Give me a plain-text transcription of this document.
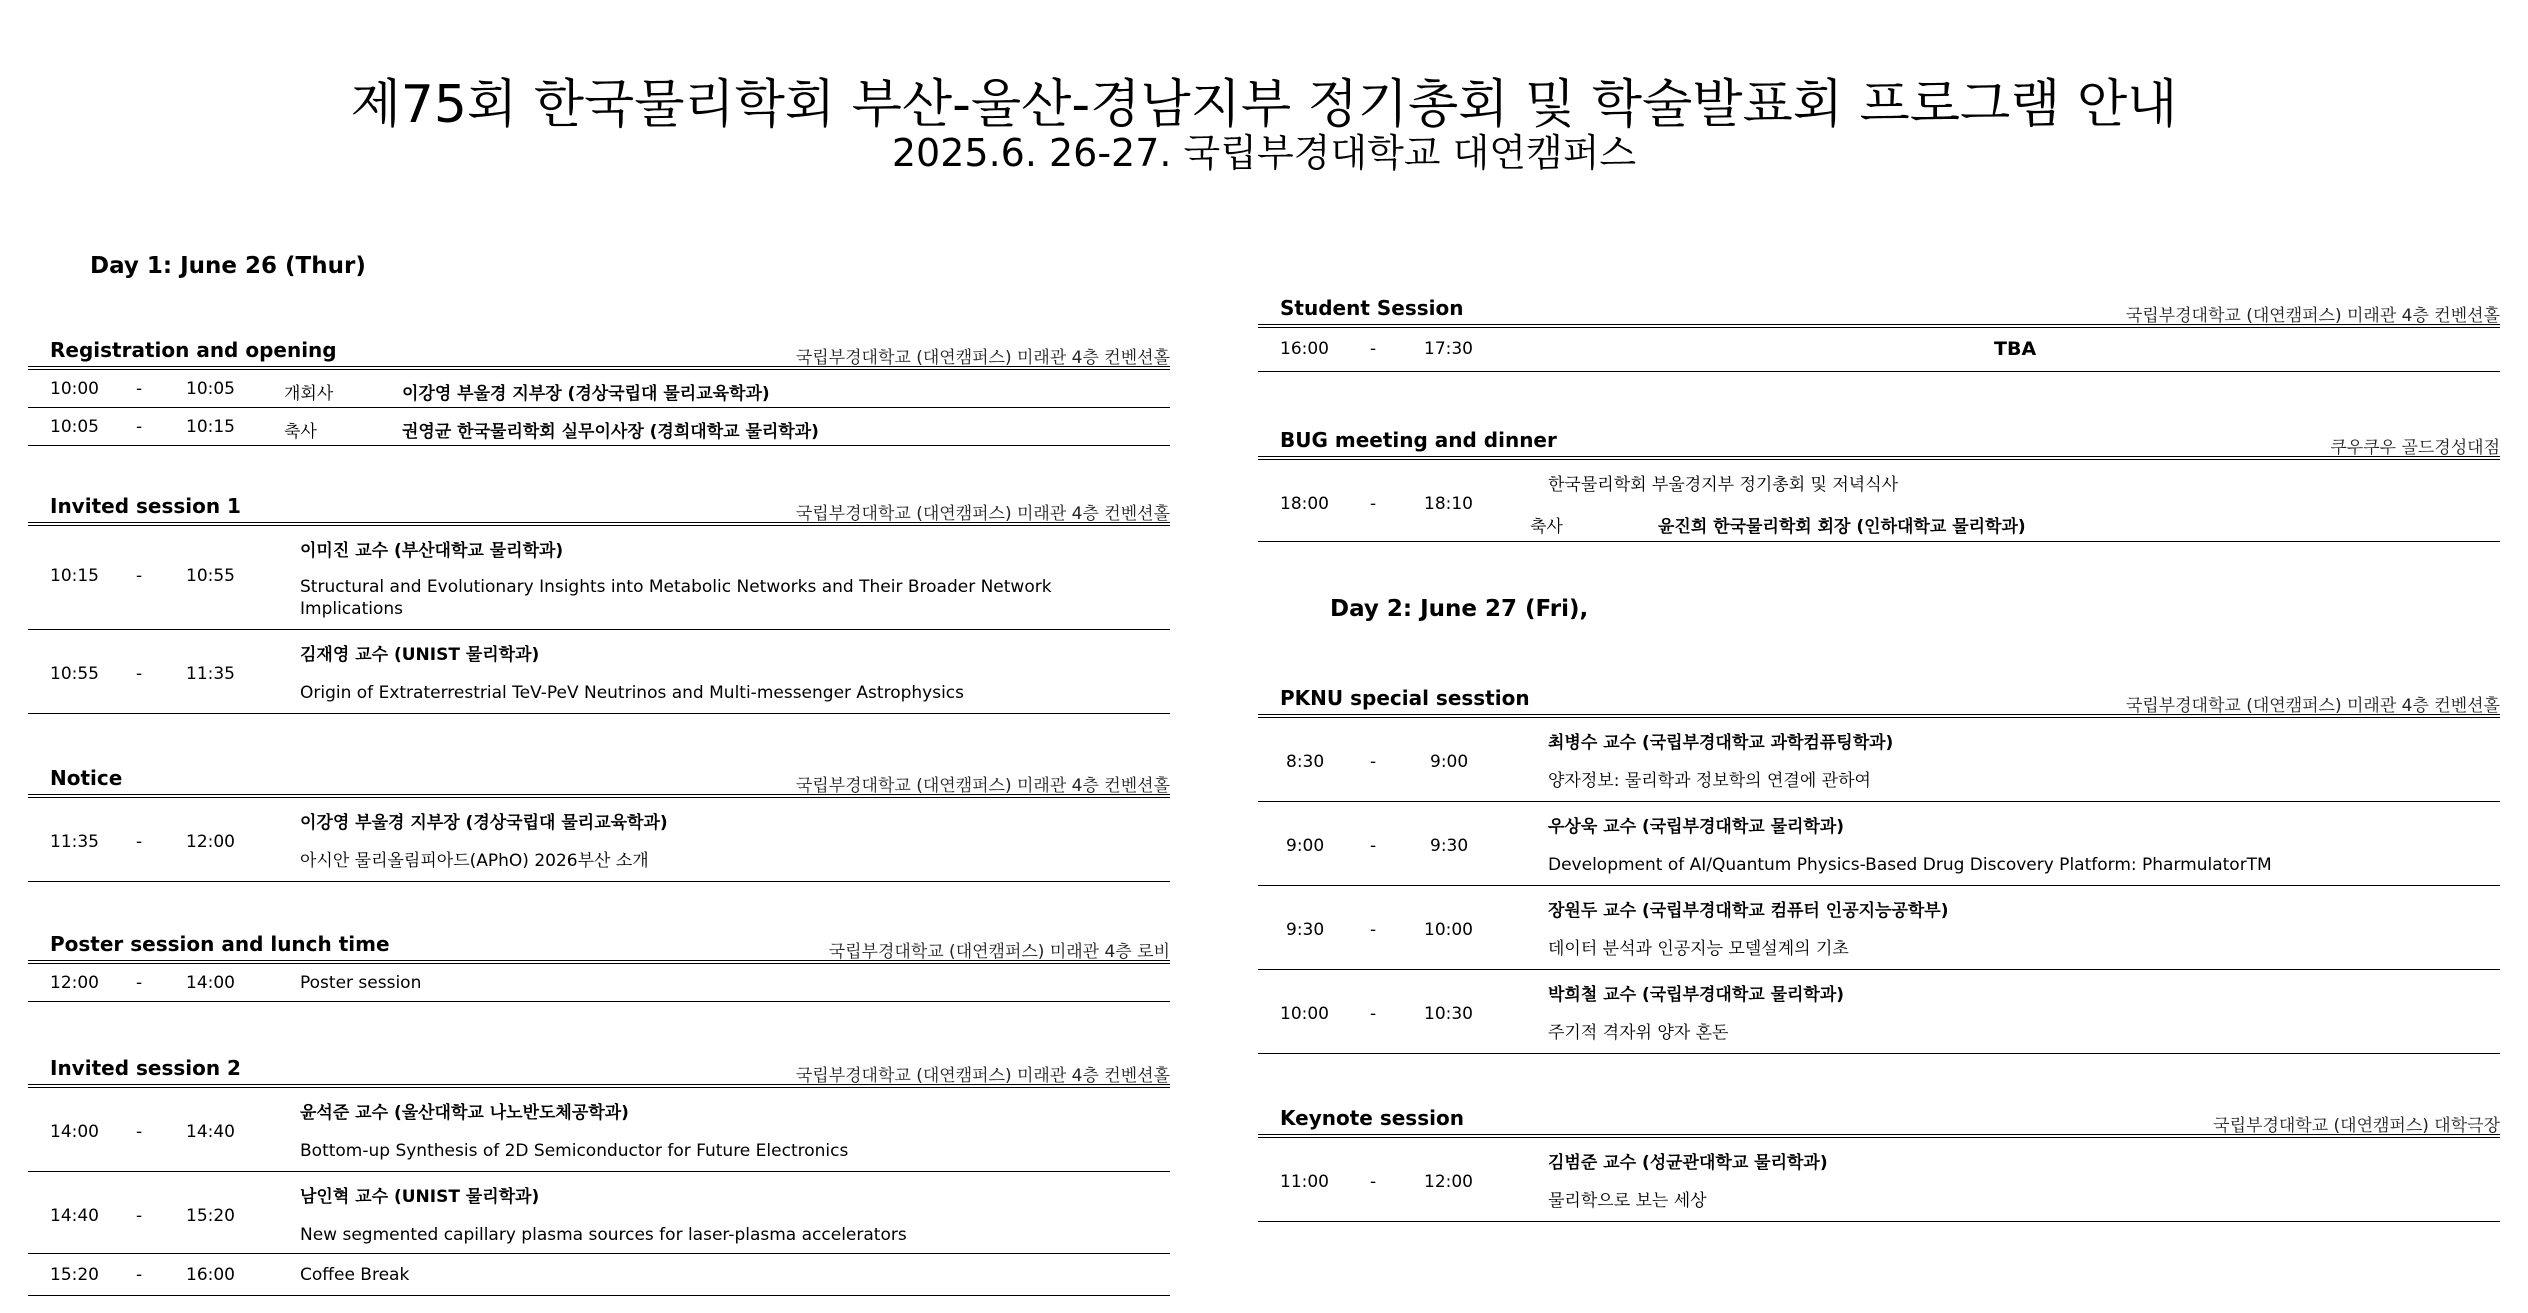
제75회 한국물리학회 부산-울산-경남지부 정기총회 및 학술발표회 프로그램 안내
2025.6. 26-27. 국립부경대학교 대연캠퍼스
Day 1: June 26 (Thur)
Registration and opening	국립부경대학교 (대연캠퍼스) 미래관 4층 컨벤션홀
10:00 -	10:05	개회사	이강영 부울경 지부장 (경상국립대 물리교육학과)
10:05 -	10:15	축사	권영균 한국물리학회 실무이사장 (경희대학교 물리학과)
Invited session 1	국립부경대학교 (대연캠퍼스) 미래관 4층 컨벤션홀
10:15 -	10:55
이미진 교수 (부산대학교 물리학과)
Structural and Evolutionary Insights into Metabolic Networks and Their Broader Network Implications
10:55 -	11:35
김재영 교수 (UNIST 물리학과)
Origin of Extraterrestrial TeV-PeV Neutrinos and Multi-messenger Astrophysics
Notice	국립부경대학교 (대연캠퍼스) 미래관 4층 컨벤션홀
11:35 -	12:00
이강영 부울경 지부장 (경상국립대 물리교육학과)
아시안 물리올림피아드(APhO) 2026부산 소개
Poster session and lunch time	국립부경대학교 (대연캠퍼스) 미래관 4층 로비
12:00 -	14:00	Poster session
Invited session 2	국립부경대학교 (대연캠퍼스) 미래관 4층 컨벤션홀
14:00 -	14:40
윤석준 교수 (울산대학교 나노반도체공학과)
Bottom-up Synthesis of 2D Semiconductor for Future Electronics
14:40 -	15:20
남인혁 교수 (UNIST 물리학과)
New segmented capillary plasma sources for laser-plasma accelerators
15:20 -	16:00	Coffee Break
Student Session	국립부경대학교 (대연캠퍼스) 미래관 4층 컨벤션홀
16:00 -	17:30	TBA
BUG meeting and dinner	쿠우쿠우 골드경성대점
18:00 -	18:10
한국물리학회 부울경지부 정기총회 및 저녁식사
축사	윤진희 한국물리학회 회장 (인하대학교 물리학과)
Day 2: June 27 (Fri),
PKNU special sesstion	국립부경대학교 (대연캠퍼스) 미래관 4층 컨벤션홀
8:30	-	9:00
최병수 교수 (국립부경대학교 과학컴퓨팅학과)
양자정보: 물리학과 정보학의 연결에 관하여
9:00	-	9:30
우상욱 교수 (국립부경대학교 물리학과)
Development of AI/Quantum Physics-Based Drug Discovery Platform: PharmulatorTM
9:30	-	10:00
장원두 교수 (국립부경대학교 컴퓨터 인공지능공학부)
데이터 분석과 인공지능 모델설계의 기초
10:00 -	10:30
박희철 교수 (국립부경대학교 물리학과)
주기적 격자위 양자 혼돈
Keynote session	국립부경대학교 (대연캠퍼스) 대학극장
11:00 -	12:00
김범준 교수 (성균관대학교 물리학과)
물리학으로 보는 세상
